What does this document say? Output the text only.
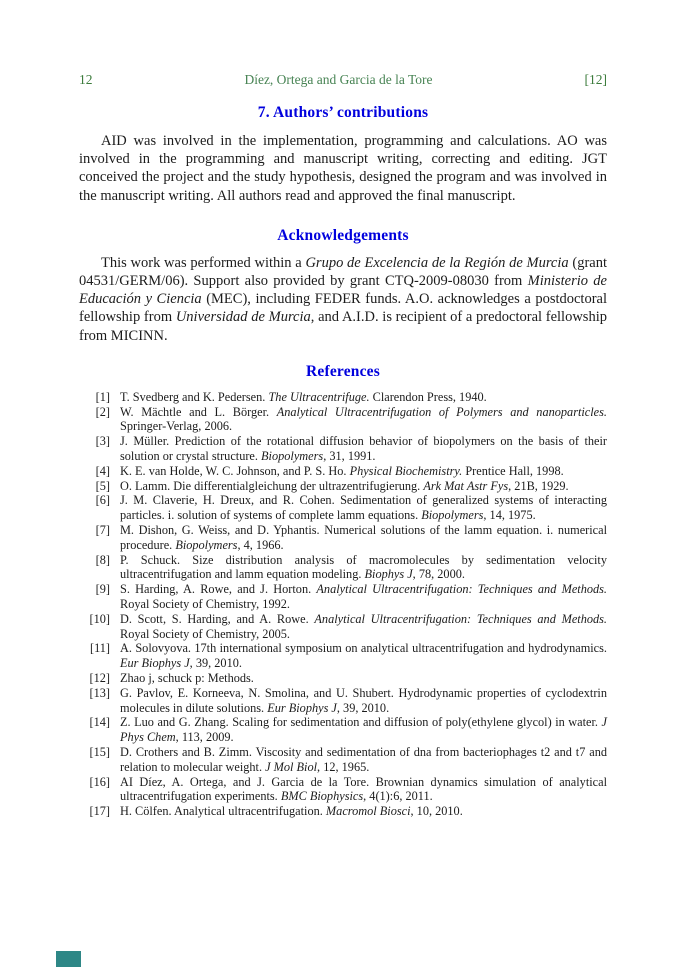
12	Díez, Ortega and Garcia de la Tore	[12]
7. Authors’ contributions

AID was involved in the implementation, programming and calculations. AO was involved in the programming and manuscript writing, correcting and editing. JGT conceived the project and the study hypothesis, designed the program and was involved in the manuscript writing. All authors read and approved the final manuscript.

Acknowledgements

This work was performed within a Grupo de Excelencia de la Región de Murcia (grant 04531/GERM/06). Support also provided by grant CTQ-2009-08030 from Ministerio de Educación y Ciencia (MEC), including FEDER funds. A.O. acknowledges a postdoctoral fellowship from Universidad de Murcia, and A.I.D. is recipient of a predoctoral fellowship from MICINN.

References
[1] T. Svedberg and K. Pedersen. The Ultracentrifuge. Clarendon Press, 1940.
[2] W. Mächtle and L. Börger. Analytical Ultracentrifugation of Polymers and nanoparticles. Springer-Verlag, 2006.
[3] J. Müller. Prediction of the rotational diffusion behavior of biopolymers on the basis of their solution or crystal structure. Biopolymers, 31, 1991.
[4] K. E. van Holde, W. C. Johnson, and P. S. Ho. Physical Biochemistry. Prentice Hall, 1998.
[5] O. Lamm. Die differentialgleichung der ultrazentrifugierung. Ark Mat Astr Fys, 21B, 1929.
[6] J. M. Claverie, H. Dreux, and R. Cohen. Sedimentation of generalized systems of interacting particles. i. solution of systems of complete lamm equations. Biopolymers, 14, 1975.
[7] M. Dishon, G. Weiss, and D. Yphantis. Numerical solutions of the lamm equation. i. numerical procedure. Biopolymers, 4, 1966.
[8] P. Schuck. Size distribution analysis of macromolecules by sedimentation velocity ultracentrifugation and lamm equation modeling. Biophys J, 78, 2000.
[9] S. Harding, A. Rowe, and J. Horton. Analytical Ultracentrifugation: Techniques and Methods. Royal Society of Chemistry, 1992.
[10] D. Scott, S. Harding, and A. Rowe. Analytical Ultracentrifugation: Techniques and Methods. Royal Society of Chemistry, 2005.
[11] A. Solovyova. 17th international symposium on analytical ultracentrifugation and hydrodynamics. Eur Biophys J, 39, 2010.
[12] Zhao j, schuck p: Methods.
[13] G. Pavlov, E. Korneeva, N. Smolina, and U. Shubert. Hydrodynamic properties of cyclodextrin molecules in dilute solutions. Eur Biophys J, 39, 2010.
[14] Z. Luo and G. Zhang. Scaling for sedimentation and diffusion of poly(ethylene glycol) in water. J Phys Chem, 113, 2009.
[15] D. Crothers and B. Zimm. Viscosity and sedimentation of dna from bacteriophages t2 and t7 and relation to molecular weight. J Mol Biol, 12, 1965.
[16] AI Díez, A. Ortega, and J. Garcia de la Tore. Brownian dynamics simulation of analytical ultracentrifugation experiments. BMC Biophysics, 4(1):6, 2011.
[17] H. Cölfen. Analytical ultracentrifugation. Macromol Biosci, 10, 2010.
